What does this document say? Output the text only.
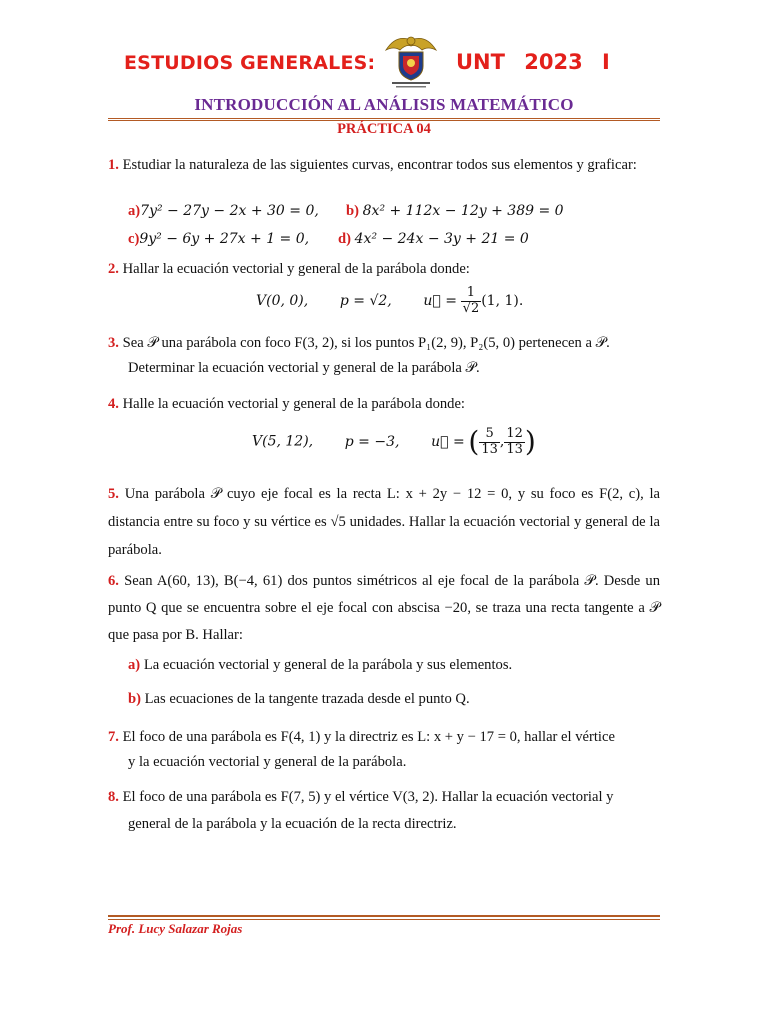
ESTUDIOS GENERALES:	UNT 2023 I
INTRODUCCIÓN AL ANÁLISIS MATEMÁTICO
PRÁCTICA 04
1. Estudiar la naturaleza de las siguientes curvas, encontrar todos sus elementos y graficar:
a)7y² − 27y − 2x + 30 = 0, b) 8x² + 112x − 12y + 389 = 0
c)9y² − 6y + 27x + 1 = 0, d) 4x² − 24x − 3y + 21 = 0
2. Hallar la ecuación vectorial y general de la parábola donde:
V(0, 0), p = √2, u⃗ = $\frac{1}{√2} (1$, 1).
3. Sea 𝒫 una parábola con foco F(3, 2), si los puntos P₁(2, 9), P₂(5, 0) pertenecen a 𝒫.
Determinar la ecuación vectorial y general de la parábola 𝒫.
4. Halle la ecuación vectorial y general de la parábola donde:
V(5, 12), p = −3, u⃗ = ( $\frac{5}{13}$ , $\frac{12}{13}$ )
5. Una parábola 𝒫 cuyo eje focal es la recta L: x + 2y − 12 = 0, y su foco es F(2, c), la distancia entre su foco y su vértice es √5 unidades. Hallar la ecuación vectorial y general de la parábola.
6. Sean A(60, 13), B(−4, 61) dos puntos simétricos al eje focal de la parábola 𝒫. Desde un punto Q que se encuentra sobre el eje focal con abscisa −20, se traza una recta tangente a 𝒫 que pasa por B. Hallar:
a) La ecuación vectorial y general de la parábola y sus elementos.
b) Las ecuaciones de la tangente trazada desde el punto Q.
7. El foco de una parábola es F(4, 1) y la directriz es L: x + y − 17 = 0, hallar el vértice
y la ecuación vectorial y general de la parábola.
8. El foco de una parábola es F(7, 5) y el vértice V(3, 2). Hallar la ecuación vectorial y
general de la parábola y la ecuación de la recta directriz.
Prof. Lucy Salazar Rojas
